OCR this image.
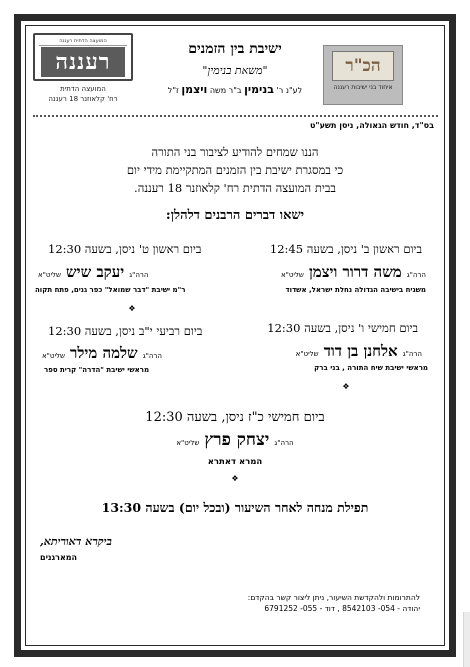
המועצה הדתית רעננה
רעננה
המועצה הדתית
רח' קלאוזנר 18 רעננה
הכ"ר
איחוד בני ישיבות רעננה
ישיבת בין הזמנים
"משאת בנימין"
לע"נ ר' בנימין ב"ר משה ויצמן ז"ל
בס"ד, חודש הגאולה, ניסן תשע"ט
הננו שמחים להודיע לציבור בני התורה
כי במסגרת ישיבת בין הזמנים המתקיימת מידי יום
בבית המועצה הדתית רח' קלאוזנר 18 רעננה.
ישאו דברים הרבנים דלהלן:
ביום ראשון ב' ניסן, בשעה 12:45
הרה"ג משה דרור ויצמן שליט"א
משגיח בישיבה הגדולה נחלת ישראל, אשדוד
ביום ראשון ט' ניסן, בשעה 12:30
הרה"ג יעקב שיש שליט"א
ר"מ ישיבת "דבר שמואל" כפר גנים, פתח תקוה
❖
ביום חמישי ו' ניסן, בשעה 12:30
הרה"ג אלחנן בן דוד שליט"א
מראשי ישיבת שיח התורה , בני ברק
ביום רביעי י"ב ניסן, בשעה 12:30
הרה"ג שלמה מילר שליט"א
מראשי ישיבת "הדרה" קרית ספר
❖
ביום חמישי כ"ז ניסן, בשעה 12:30
הרה"ג יצחק פרץ שליט"א
המרא דאתרא
❖
תפילת מנחה לאחר השיעור (ובכל יום) בשעה 13:30
ביקרא דאוריתא,
המארגנים
להתרומות ולהקדשת השיעור, ניתן ליצור קשר בהקדם:
יהודה - 054- 8542103 , דוד - 055- 6791252
